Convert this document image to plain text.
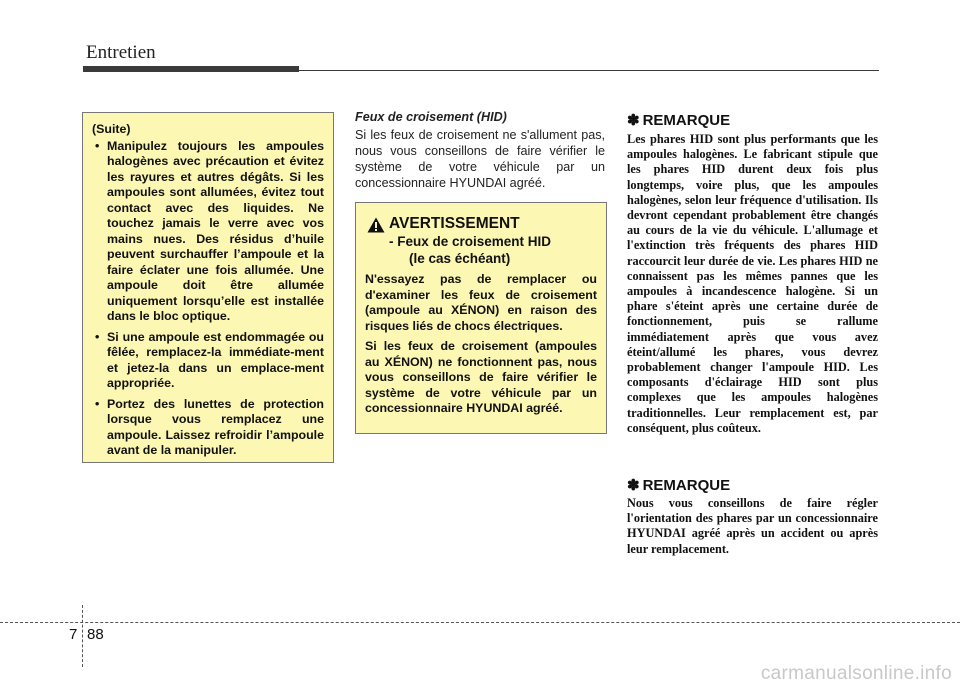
Entretien
(Suite)
• Manipulez toujours les ampoules halogènes avec précaution et évitez les rayures et autres dégâts. Si les ampoules sont allumées, évitez tout contact avec des liquides. Ne touchez jamais le verre avec vos mains nues. Des résidus d’huile peuvent surchauffer l’ampoule et la faire éclater une fois allumée. Une ampoule doit être allumée uniquement lorsqu’elle est installée dans le bloc optique.
• Si une ampoule est endommagée ou fêlée, remplacez-la immédiate-ment et jetez-la dans un emplace-ment appropriée.
• Portez des lunettes de protection lorsque vous remplacez une ampoule. Laissez refroidir l’ampoule avant de la manipuler.
Feux de croisement (HID)
Si les feux de croisement ne s'allument pas, nous vous conseillons de faire vérifier le système de votre véhicule par un concessionnaire HYUNDAI agréé.
AVERTISSEMENT
- Feux de croisement HID
(le cas échéant)

N'essayez pas de remplacer ou d'examiner les feux de croisement (ampoule au XÉNON) en raison des risques liés de chocs électriques.

Si les feux de croisement (ampoules au XÉNON) ne fonctionnent pas, nous vous conseillons de faire vérifier le système de votre véhicule par un concessionnaire HYUNDAI agréé.

✽ REMARQUE
Les phares HID sont plus performants que les ampoules halogènes. Le fabricant stipule que les phares HID durent deux fois plus longtemps, voire plus, que les ampoules halogènes, selon leur fréquence d'utilisation. Ils devront cependant probablement être changés au cours de la vie du véhicule. L'allumage et l'extinction très fréquents des phares HID raccourcit leur durée de vie. Les phares HID ne connaissent pas les mêmes pannes que les ampoules à incandescence halogène. Si un phare s'éteint après une certaine durée de fonctionnement, puis se rallume immédiatement après que vous avez éteint/allumé les phares, vous devrez probablement changer l'ampoule HID. Les composants d'éclairage HID sont plus complexes que les ampoules halogènes traditionnelles. Leur remplacement est, par conséquent, plus coûteux.
✽ REMARQUE
Nous vous conseillons de faire régler l'orientation des phares par un concessionnaire HYUNDAI agréé après un accident ou après leur remplacement.
7 88
carmanualsonline.info
